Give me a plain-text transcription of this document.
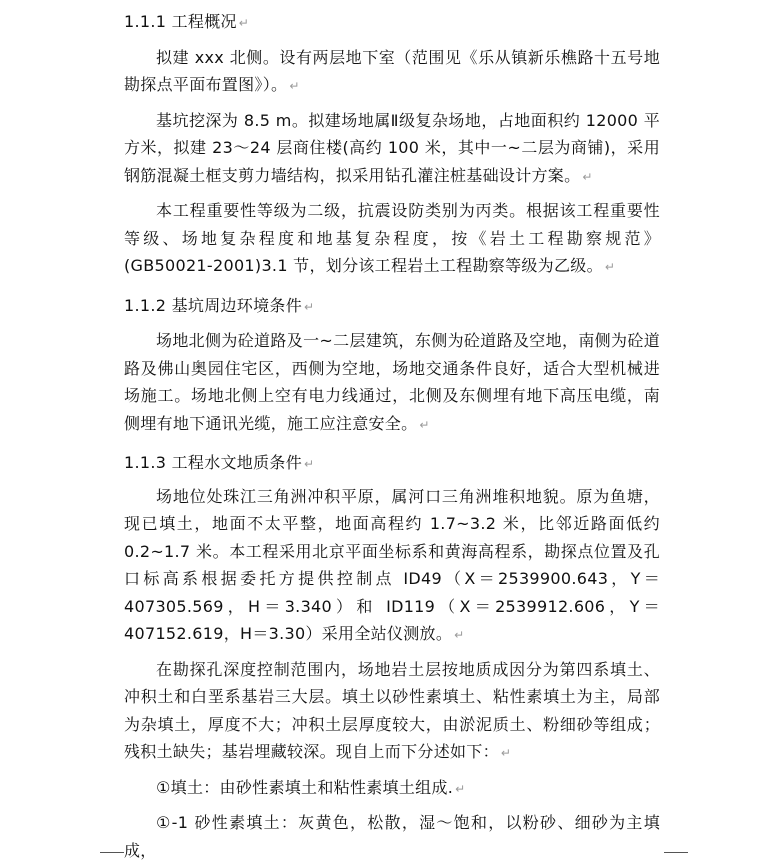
1.1.1 工程概况 ↵

拟建 xxx 北侧。设有两层地下室（范围见《乐从镇新乐樵路十五号地勘探点平面布置图》）。 ↵

基坑挖深为 8.5 m。拟建场地属Ⅱ级复杂场地，占地面积约 12000 平方米，拟建 23～24 层商住楼(高约 100 米，其中一~二层为商铺)，采用钢筋混凝土框支剪力墙结构，拟采用钻孔灌注桩基础设计方案。 ↵

本工程重要性等级为二级，抗震设防类别为丙类。根据该工程重要性等级、场地复杂程度和地基复杂程度，按《岩土工程勘察规范》(GB50021-2001)3.1 节，划分该工程岩土工程勘察等级为乙级。 ↵

1.1.2 基坑周边环境条件 ↵

场地北侧为砼道路及一~二层建筑，东侧为砼道路及空地，南侧为砼道路及佛山奥园住宅区，西侧为空地，场地交通条件良好，适合大型机械进场施工。场地北侧上空有电力线通过，北侧及东侧埋有地下高压电缆，南侧埋有地下通讯光缆，施工应注意安全。 ↵

1.1.3 工程水文地质条件 ↵

场地位处珠江三角洲冲积平原，属河口三角洲堆积地貌。原为鱼塘，现已填土，地面不太平整，地面高程约 1.7~3.2 米，比邻近路面低约 0.2~1.7 米。本工程采用北京平面坐标系和黄海高程系，勘探点位置及孔口标高系根据委托方提供控制点 ID49（X＝2539900.643，Y＝407305.569，H＝3.340）和 ID119（X＝2539912.606，Y＝407152.619，H＝3.30）采用全站仪测放。 ↵

在勘探孔深度控制范围内，场地岩土层按地质成因分为第四系填土、冲积土和白垩系基岩三大层。填土以砂性素填土、粘性素填土为主，局部为杂填土，厚度不大；冲积土层厚度较大，由淤泥质土、粉细砂等组成；残积土缺失；基岩埋藏较深。现自上而下分述如下： ↵

①填土：由砂性素填土和粘性素填土组成. ↵

①-1 砂性素填土：灰黄色，松散，湿～饱和，以粉砂、细砂为主填成，
